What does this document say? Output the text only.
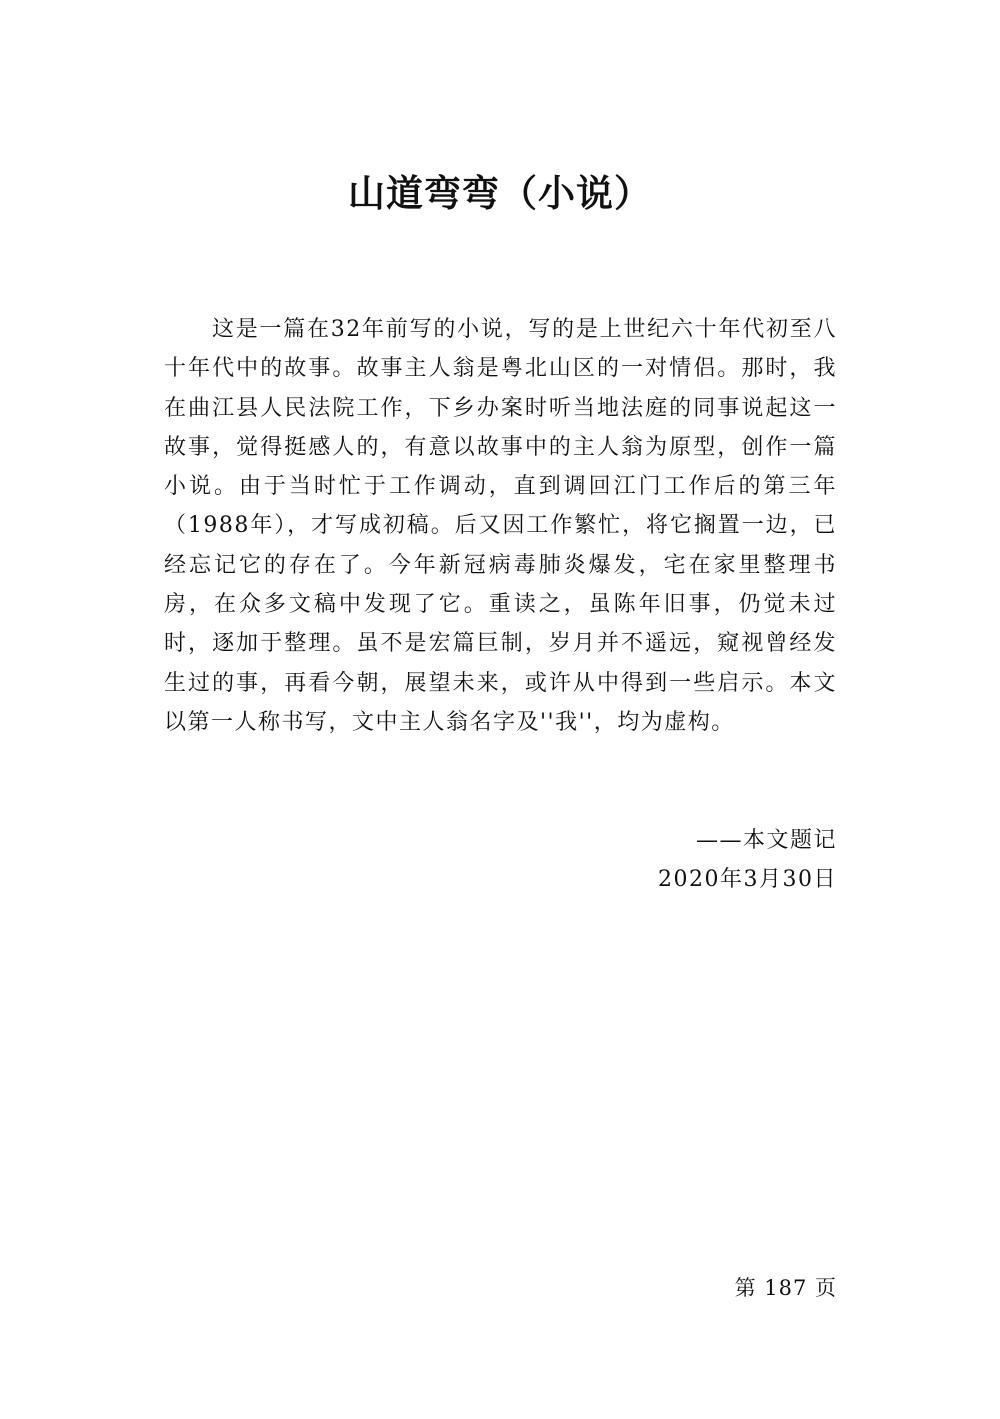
山道弯弯（小说）

这是一篇在32年前写的小说，写的是上世纪六十年代初至八十年代中的故事。故事主人翁是粤北山区的一对情侣。那时，我在曲江县人民法院工作，下乡办案时听当地法庭的同事说起这一故事，觉得挺感人的，有意以故事中的主人翁为原型，创作一篇小说。由于当时忙于工作调动，直到调回江门工作后的第三年（1988年），才写成初稿。后又因工作繁忙，将它搁置一边，已经忘记它的存在了。今年新冠病毒肺炎爆发，宅在家里整理书房，在众多文稿中发现了它。重读之，虽陈年旧事，仍觉未过时，逐加于整理。虽不是宏篇巨制，岁月并不遥远，窥视曾经发生过的事，再看今朝，展望未来，或许从中得到一些启示。本文以第一人称书写，文中主人翁名字及''我''，均为虚构。

——本文题记

2020年3月30日

第 187 页
